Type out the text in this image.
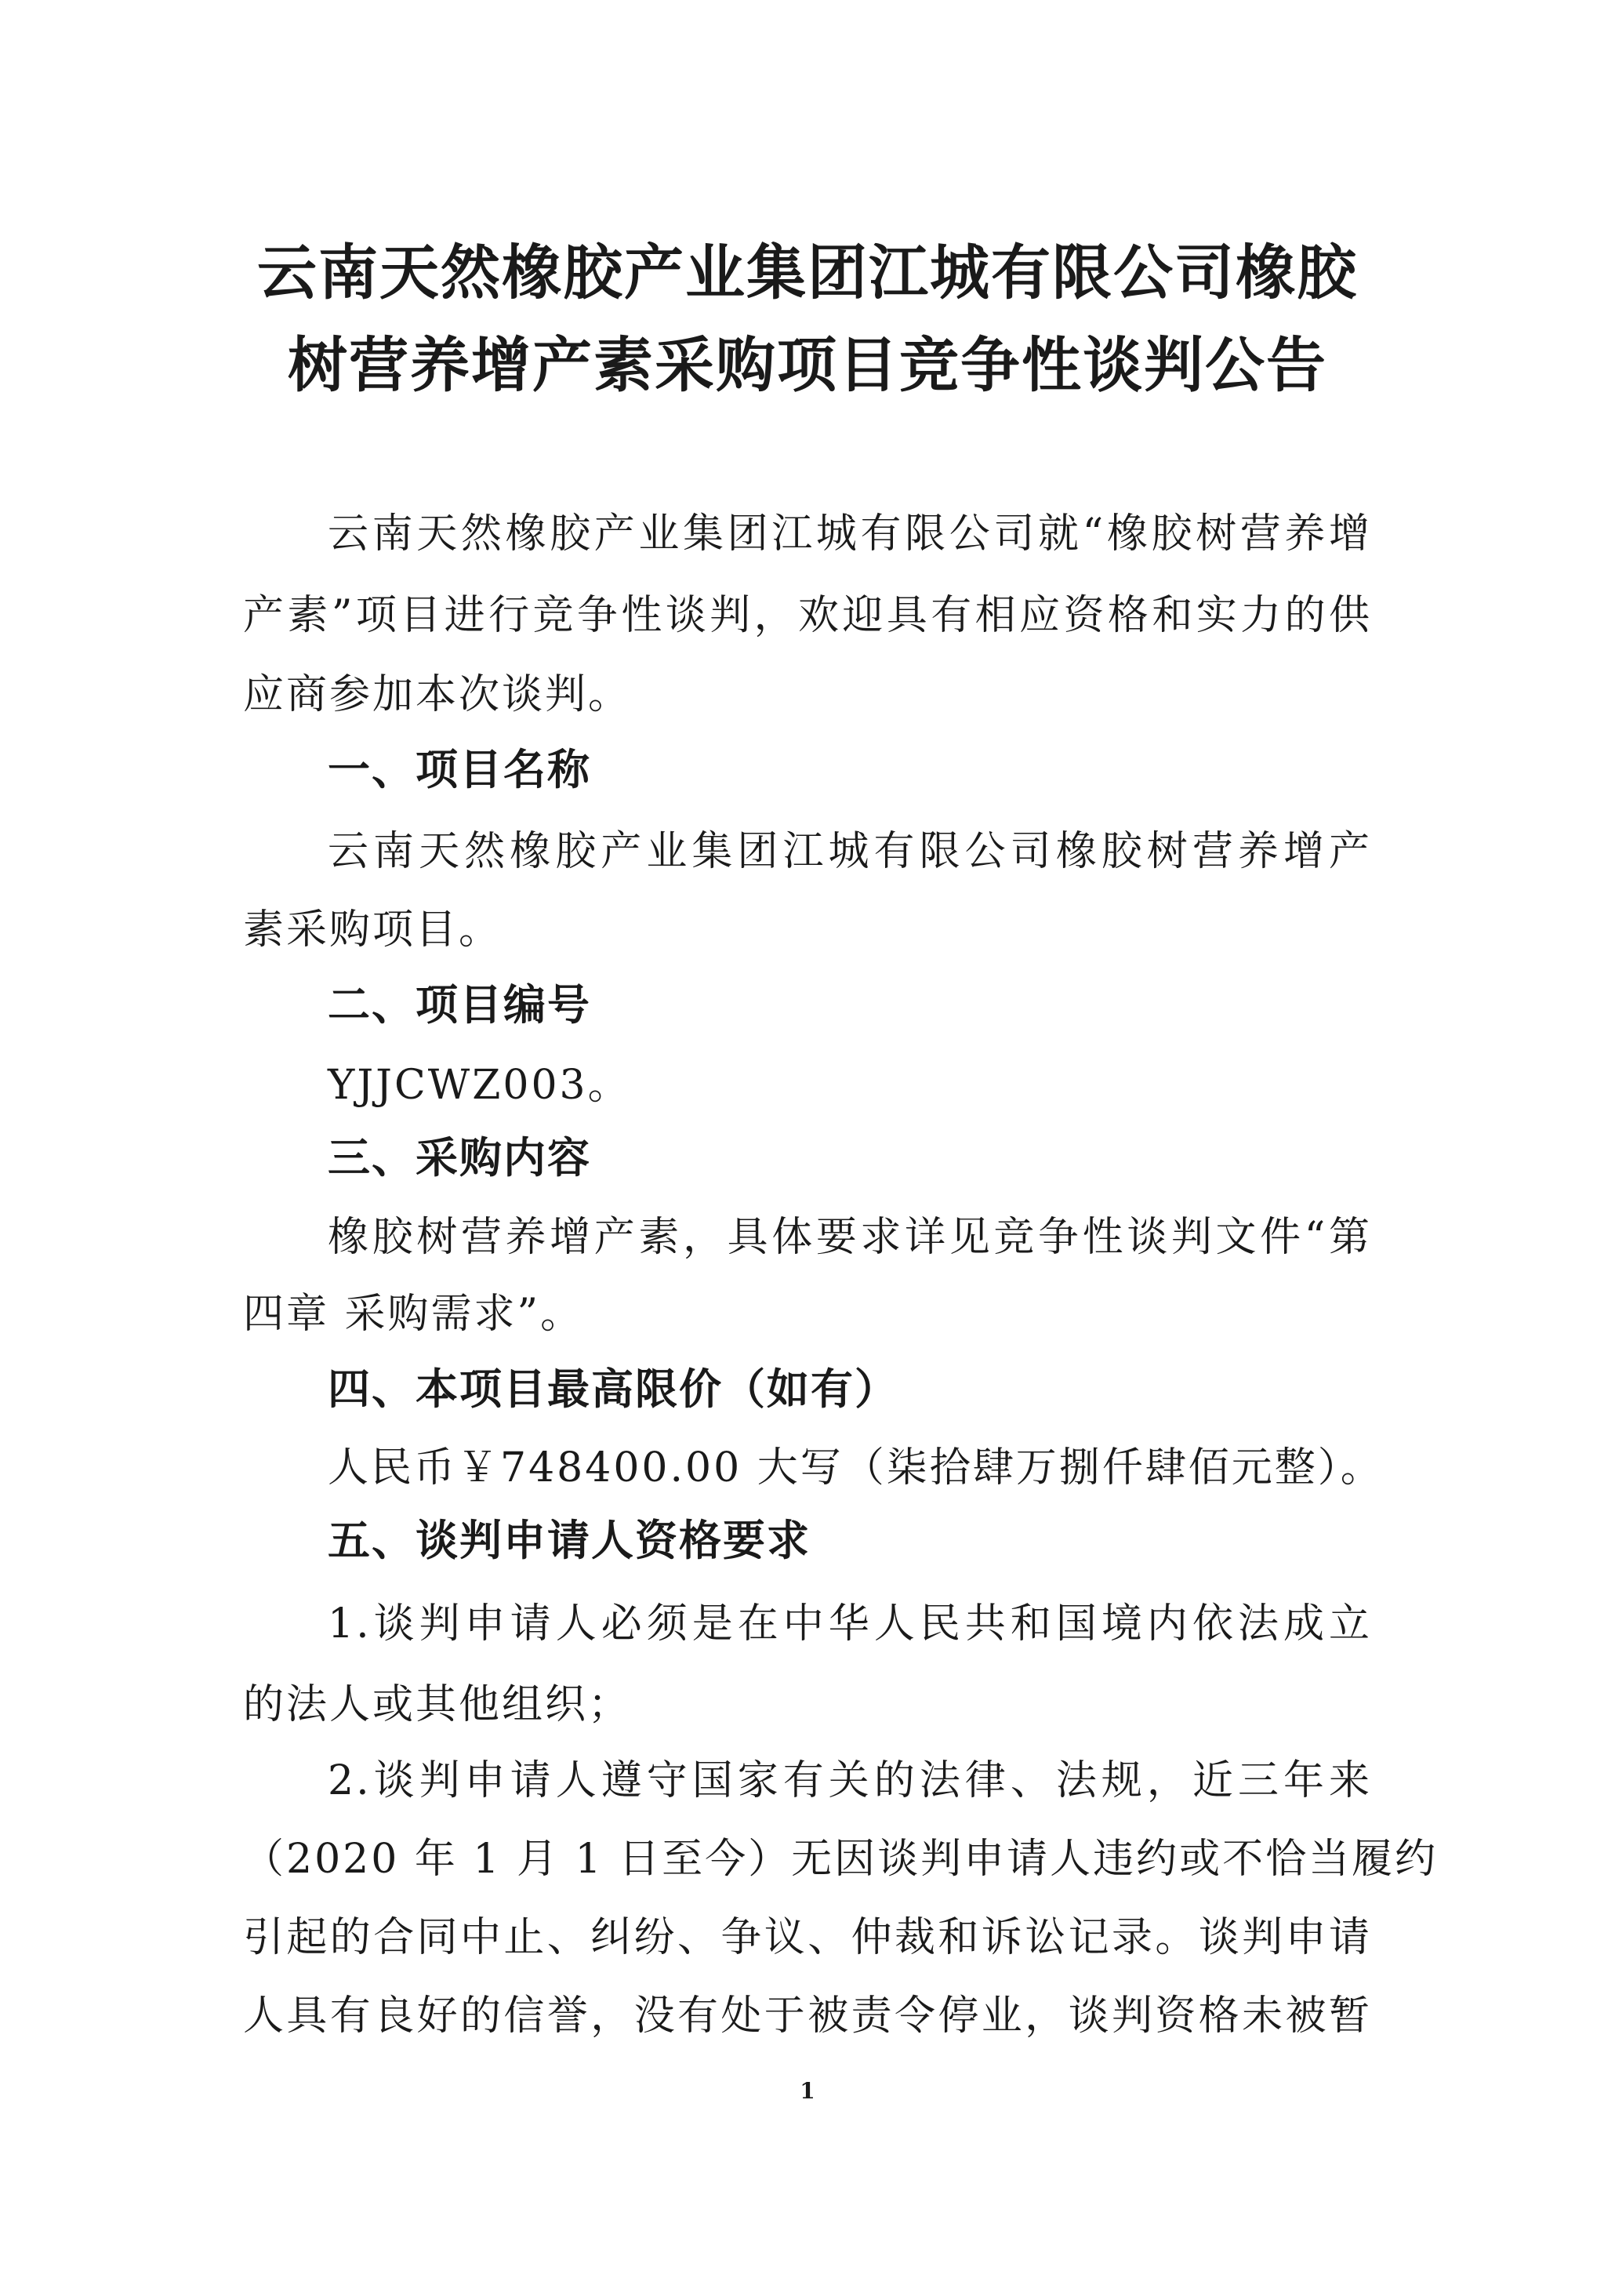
云南天然橡胶产业集团江城有限公司橡胶
树营养增产素采购项目竞争性谈判公告
云南天然橡胶产业集团江城有限公司就“橡胶树营养增
产素”项目进行竞争性谈判，欢迎具有相应资格和实力的供
应商参加本次谈判。
一、项目名称
云南天然橡胶产业集团江城有限公司橡胶树营养增产
素采购项目。
二、项目编号
YJJCWZ003。
三、采购内容
橡胶树营养增产素，具体要求详见竞争性谈判文件“第
四章 采购需求”。
四、本项目最高限价（如有）
人民币￥748400.00 大写（柒拾肆万捌仟肆佰元整）。
五、谈判申请人资格要求
1.谈判申请人必须是在中华人民共和国境内依法成立
的法人或其他组织；
2.谈判申请人遵守国家有关的法律、法规，近三年来
（2020 年 1 月 1 日至今）无因谈判申请人违约或不恰当履约
引起的合同中止、纠纷、争议、仲裁和诉讼记录。谈判申请
人具有良好的信誉，没有处于被责令停业，谈判资格未被暂
1
